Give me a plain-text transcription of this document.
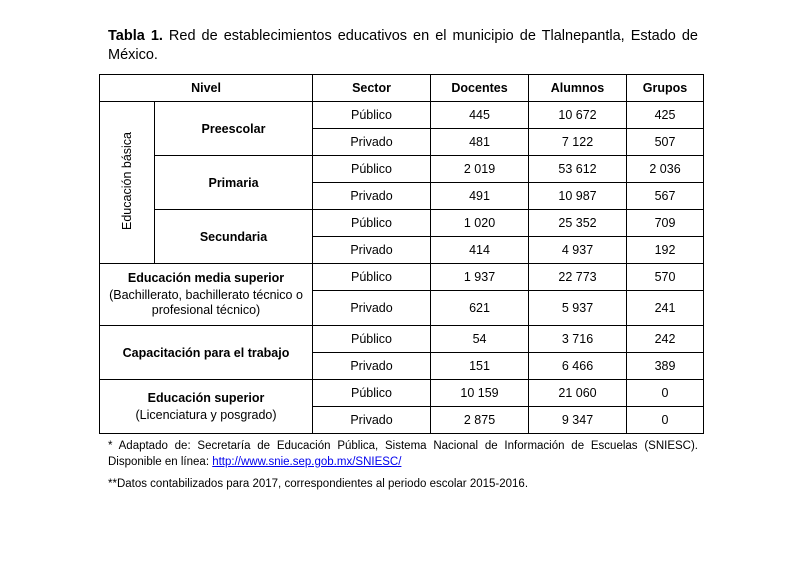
Tabla 1. Red de establecimientos educativos en el municipio de Tlalnepantla, Estado de México.
Nivel		Sector	Docentes	Alumnos	Grupos
Educación básica	Preescolar	Público	445	10 672	425
		Privado	481	7 122	507
	Primaria	Público	2 019	53 612	2 036
		Privado	491	10 987	567
	Secundaria	Público	1 020	25 352	709
		Privado	414	4 937	192
Educación media superior
(Bachillerato, bachillerato técnico o profesional técnico)		Público	1 937	22 773	570
		Privado	621	5 937	241
Capacitación para el trabajo		Público	54	3 716	242
		Privado	151	6 466	389
Educación superior
(Licenciatura y posgrado)		Público	10 159	21 060	0
		Privado	2 875	9 347	0

* Adaptado de: Secretaría de Educación Pública, Sistema Nacional de Información de Escuelas (SNIESC). Disponible en línea: http://www.snie.sep.gob.mx/SNIESC/

**Datos contabilizados para 2017, correspondientes al periodo escolar 2015-2016.
